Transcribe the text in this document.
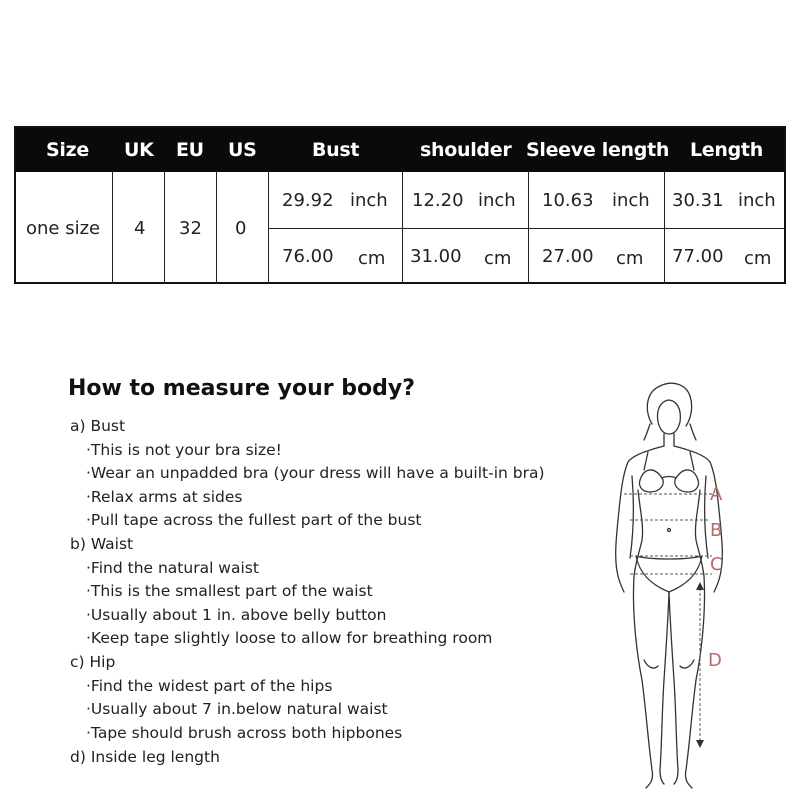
Size UK EU US	Bust	shoulder Sleeve length Length
one size 4 32 0
29.92 inch 12.20 inch 10.63 inch 30.31 inch
76.00 cm 31.00 cm 27.00 cm 77.00 cm
How to measure your body?
a) Bust
·This is not your bra size!
·Wear an unpadded bra (your dress will have a built-in bra)
·Relax arms at sides
·Pull tape across the fullest part of the bust
b) Waist
·Find the natural waist
·This is the smallest part of the waist
·Usually about 1 in. above belly button
·Keep tape slightly loose to allow for breathing room
c) Hip
·Find the widest part of the hips
·Usually about 7 in.below natural waist
·Tape should brush across both hipbones
d) Inside leg length
A
B
C
D
